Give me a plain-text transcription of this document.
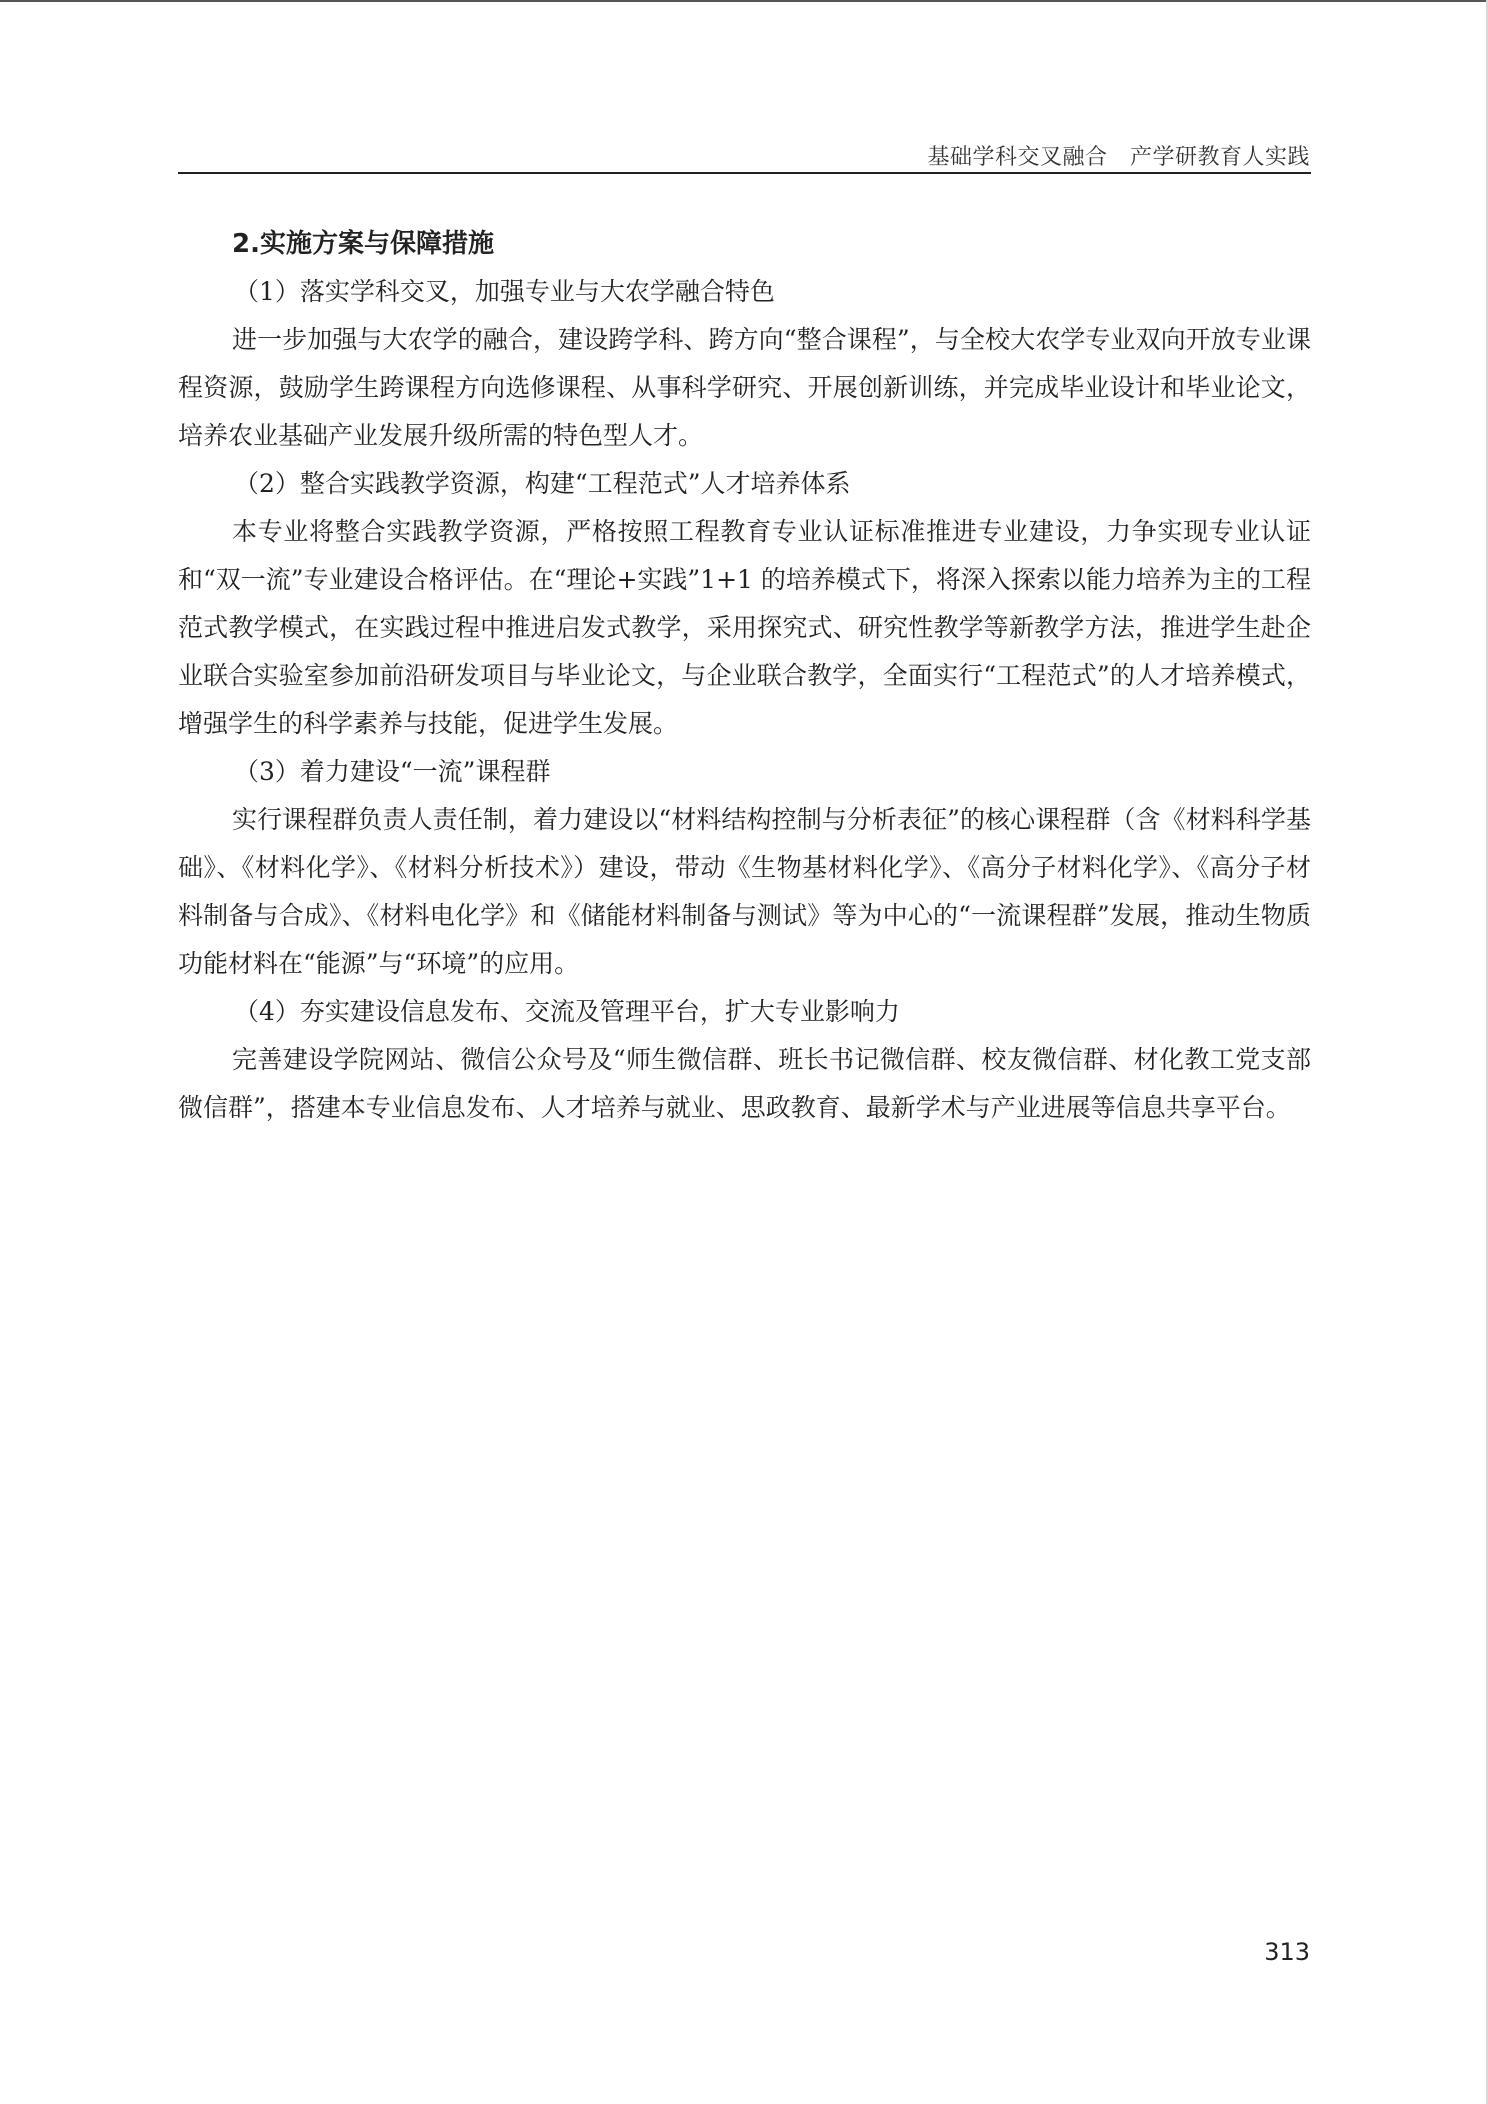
基础学科交叉融合　产学研教育人实践
2.实施方案与保障措施
（1）落实学科交叉，加强专业与大农学融合特色

进一步加强与大农学的融合，建设跨学科、跨方向“整合课程”，与全校大农学专业双向开放专业课程资源，鼓励学生跨课程方向选修课程、从事科学研究、开展创新训练，并完成毕业设计和毕业论文，培养农业基础产业发展升级所需的特色型人才。

（2）整合实践教学资源，构建“工程范式”人才培养体系

本专业将整合实践教学资源，严格按照工程教育专业认证标准推进专业建设，力争实现专业认证和“双一流”专业建设合格评估。在“理论+实践”1+1 的培养模式下，将深入探索以能力培养为主的工程范式教学模式，在实践过程中推进启发式教学，采用探究式、研究性教学等新教学方法，推进学生赴企业联合实验室参加前沿研发项目与毕业论文，与企业联合教学，全面实行“工程范式”的人才培养模式，增强学生的科学素养与技能，促进学生发展。

（3）着力建设“一流”课程群

实行课程群负责人责任制，着力建设以“材料结构控制与分析表征”的核心课程群（含《材料科学基础》、《材料化学》、《材料分析技术》）建设，带动《生物基材料化学》、《高分子材料化学》、《高分子材料制备与合成》、《材料电化学》和《储能材料制备与测试》等为中心的“一流课程群”发展，推动生物质功能材料在“能源”与“环境”的应用。

（4）夯实建设信息发布、交流及管理平台，扩大专业影响力

完善建设学院网站、微信公众号及“师生微信群、班长书记微信群、校友微信群、材化教工党支部微信群”，搭建本专业信息发布、人才培养与就业、思政教育、最新学术与产业进展等信息共享平台。

313
